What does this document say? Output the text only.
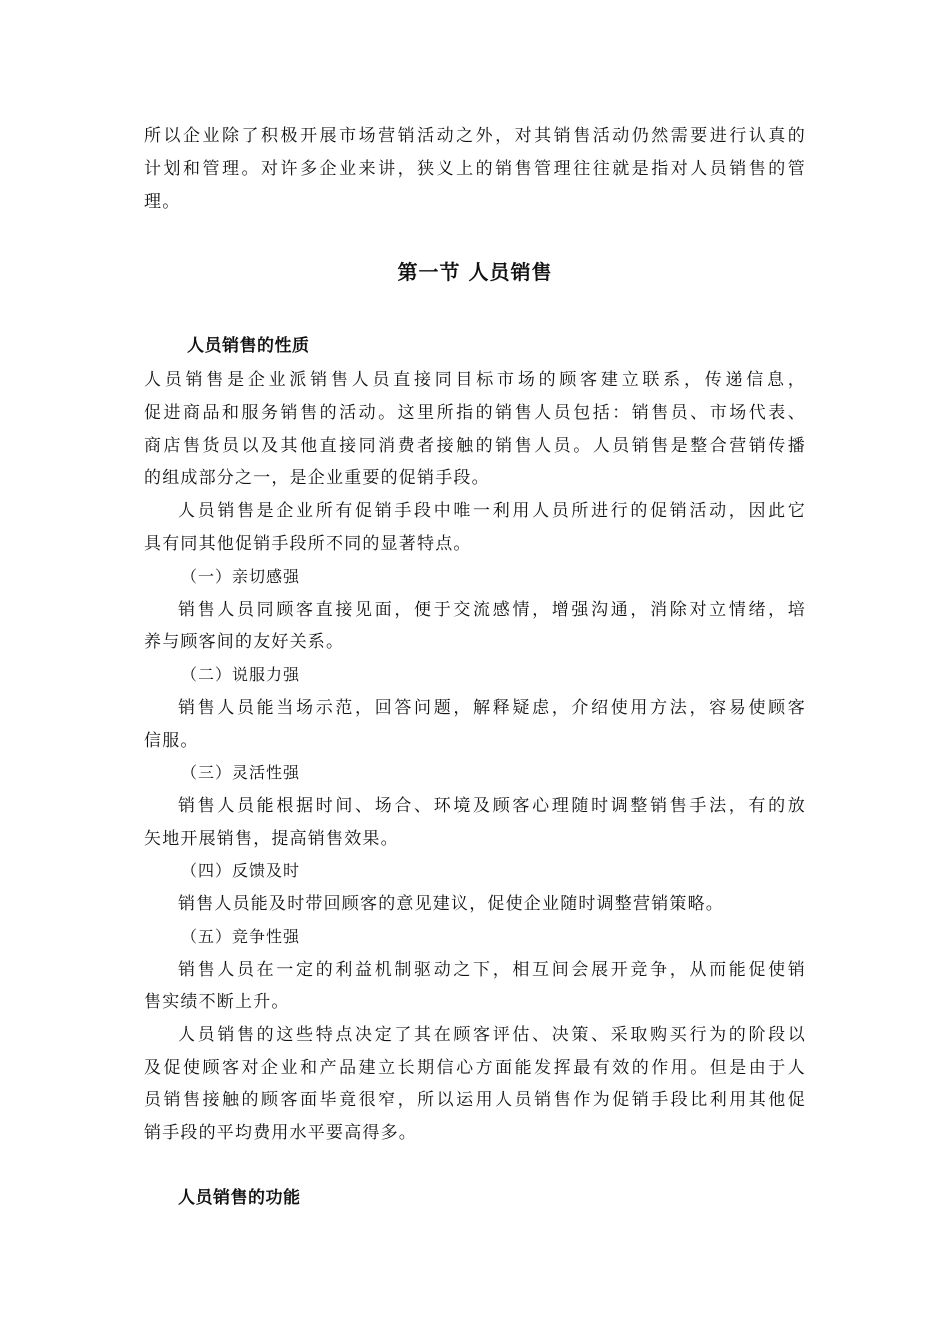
所以企业除了积极开展市场营销活动之外，对其销售活动仍然需要进行认真的
计划和管理。对许多企业来讲，狭义上的销售管理往往就是指对人员销售的管
理。
第一节 人员销售
人员销售的性质
人员销售是企业派销售人员直接同目标市场的顾客建立联系，传递信息，
促进商品和服务销售的活动。这里所指的销售人员包括：销售员、市场代表、
商店售货员以及其他直接同消费者接触的销售人员。人员销售是整合营销传播
的组成部分之一，是企业重要的促销手段。
人员销售是企业所有促销手段中唯一利用人员所进行的促销活动，因此它
具有同其他促销手段所不同的显著特点。
（一）亲切感强
销售人员同顾客直接见面，便于交流感情，增强沟通，消除对立情绪，培
养与顾客间的友好关系。
（二）说服力强
销售人员能当场示范，回答问题，解释疑虑，介绍使用方法，容易使顾客
信服。
（三）灵活性强
销售人员能根据时间、场合、环境及顾客心理随时调整销售手法，有的放
矢地开展销售，提高销售效果。
（四）反馈及时
销售人员能及时带回顾客的意见建议，促使企业随时调整营销策略。
（五）竞争性强
销售人员在一定的利益机制驱动之下，相互间会展开竞争，从而能促使销
售实绩不断上升。
人员销售的这些特点决定了其在顾客评估、决策、采取购买行为的阶段以
及促使顾客对企业和产品建立长期信心方面能发挥最有效的作用。但是由于人
员销售接触的顾客面毕竟很窄，所以运用人员销售作为促销手段比利用其他促
销手段的平均费用水平要高得多。
人员销售的功能
